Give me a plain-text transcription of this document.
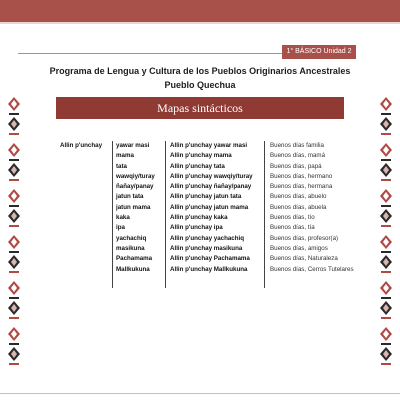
1° BÁSICO Unidad 2
Programa de Lengua y Cultura de los Pueblos Originarios Ancestrales
Pueblo Quechua
Mapas sintácticos
Allin p'unchay yawar masi	Allin p'unchay yawar masi	Buenos días familia
mama	Allin p'unchay mama	Buenos días, mamá
tata	Allin p'unchay tata	Buenos días, papá
wawqiy/turay Allin p'unchay wawqiy/turay	Buenos días, hermano
ñañay/panay	Allin p'unchay ñañay/panay	Buenos días, hermana
jatun tata	Allin p'unchay jatun tata	Buenos días, abuelo
jatun mama	Allin p'unchay jatun mama	Buenos días, abuela
kaka	Allin p'unchay kaka	Buenos días, tío
ipa	Allin p'unchay ipa	Buenos días, tía
yachachiq	Allin p'unchay yachachiq	Buenos días, profesor(a)
masikuna	Allin p'unchay masikuna	Buenos días, amigos
Pachamama	Allin p'unchay Pachamama	Buenos días, Naturaleza
Mallkukuna	Allin p'unchay Mallkukuna	Buenos días, Cerros Tutelares
